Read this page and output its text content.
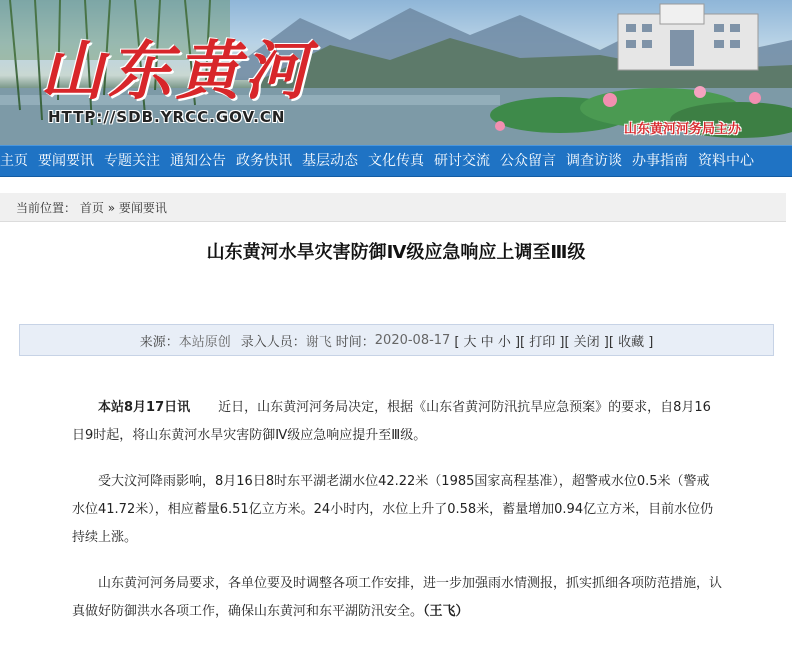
山东黄河
HTTP://SDB.YRCC.GOV.CN
山东黄河河务局主办
主页 要闻要讯 专题关注 通知公告 政务快讯 基层动态 文化传真 研讨交流 公众留言 调查访谈 办事指南 资料中心
当前位置： 首页 » 要闻要讯
山东黄河水旱灾害防御Ⅳ级应急响应上调至Ⅲ级
来源： 本站原创 录入人员： 谢飞 时间： 2020-08-17 [ 大 中 小 ] [ 打印 ] [ 关闭 ] [ 收藏 ]

本站8月17日讯 近日，山东黄河河务局决定，根据《山东省黄河防汛抗旱应急预案》的要求，自8月16日9时起，将山东黄河水旱灾害防御Ⅳ级应急响应提升至Ⅲ级。

受大汶河降雨影响，8月16日8时东平湖老湖水位42.22米（1985国家高程基准），超警戒水位0.5米（警戒水位41.72米），相应蓄量6.51亿立方米。24小时内，水位上升了0.58米，蓄量增加0.94亿立方米，目前水位仍持续上涨。

山东黄河河务局要求，各单位要及时调整各项工作安排，进一步加强雨水情测报，抓实抓细各项防范措施，认真做好防御洪水各项工作，确保山东黄河和东平湖防汛安全。（王飞）
